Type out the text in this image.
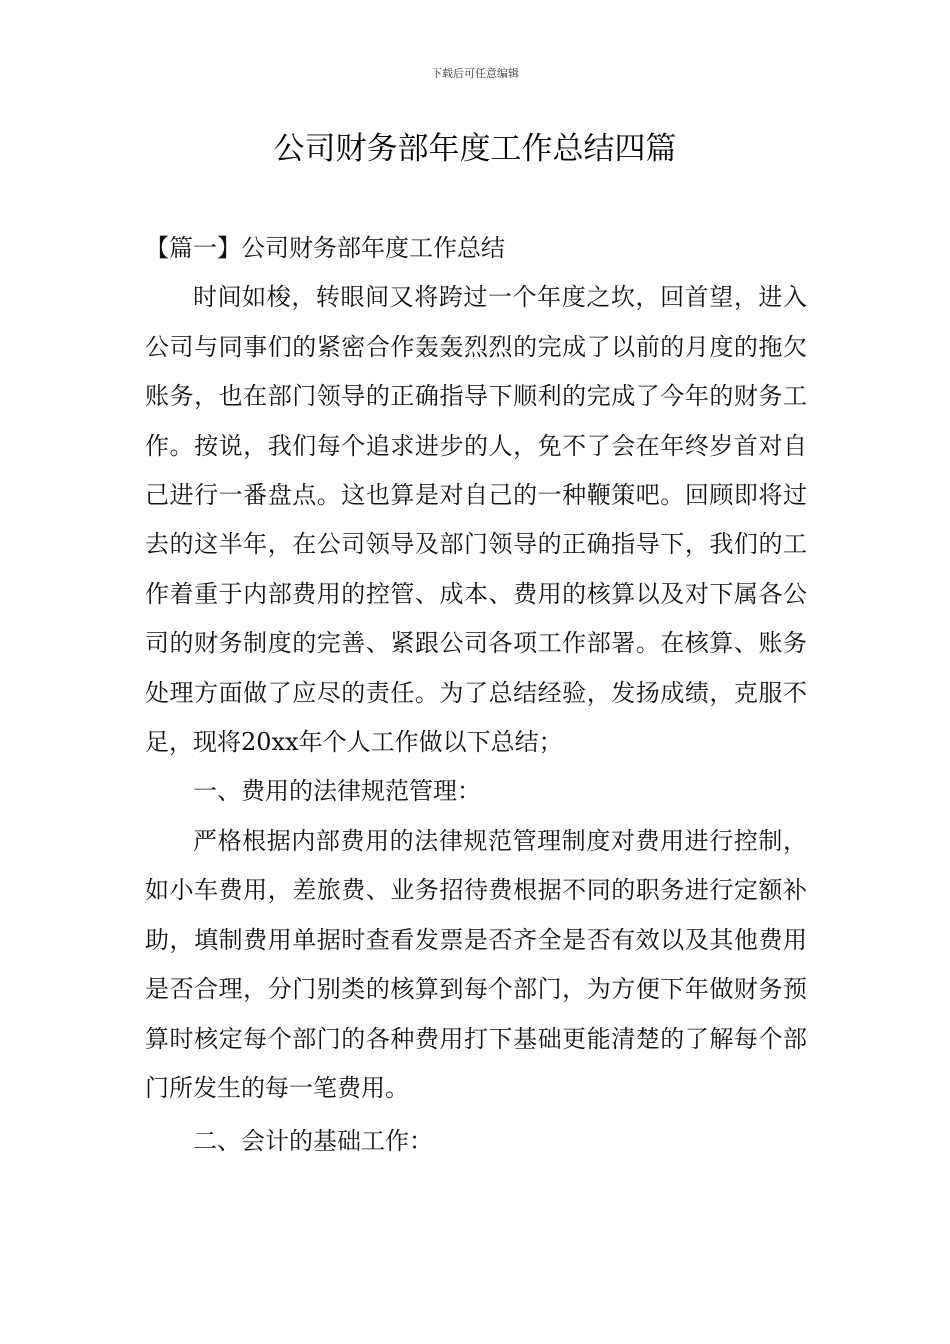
下载后可任意编辑
公司财务部年度工作总结四篇

【篇一】公司财务部年度工作总结

时间如梭，转眼间又将跨过一个年度之坎，回首望，进入公司与同事们的紧密合作轰轰烈烈的完成了以前的月度的拖欠账务，也在部门领导的正确指导下顺利的完成了今年的财务工作。按说，我们每个追求进步的人，免不了会在年终岁首对自己进行一番盘点。这也算是对自己的一种鞭策吧。回顾即将过去的这半年，在公司领导及部门领导的正确指导下，我们的工作着重于内部费用的控管、成本、费用的核算以及对下属各公司的财务制度的完善、紧跟公司各项工作部署。在核算、账务处理方面做了应尽的责任。为了总结经验，发扬成绩，克服不足，现将20xx年个人工作做以下总结；

一、费用的法律规范管理：

严格根据内部费用的法律规范管理制度对费用进行控制，如小车费用，差旅费、业务招待费根据不同的职务进行定额补助，填制费用单据时查看发票是否齐全是否有效以及其他费用是否合理，分门别类的核算到每个部门，为方便下年做财务预算时核定每个部门的各种费用打下基础更能清楚的了解每个部门所发生的每一笔费用。

二、会计的基础工作：
